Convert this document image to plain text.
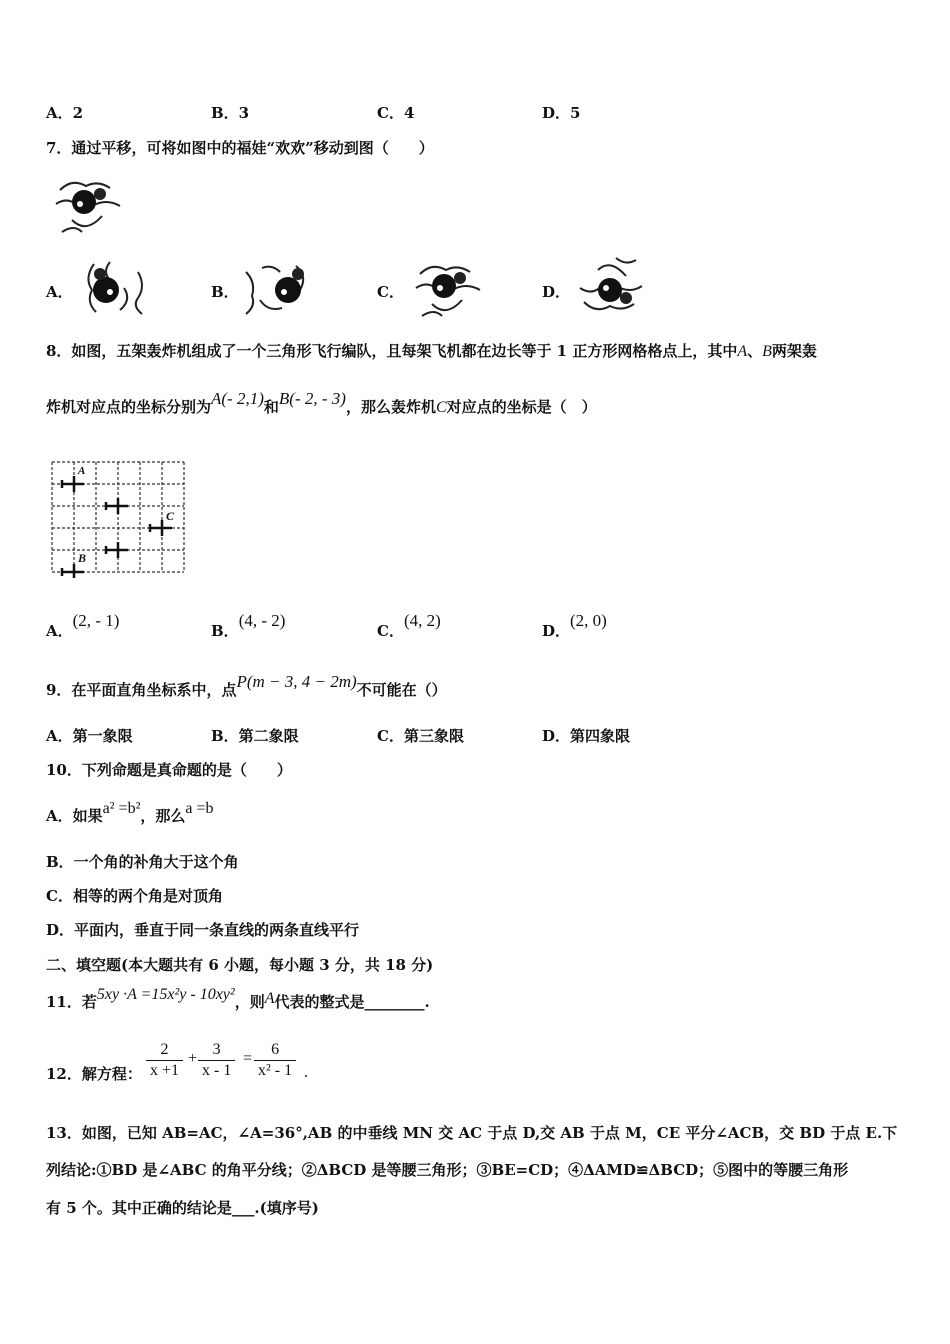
A．2	B．3	C．4	D．5
7．通过平移，可将如图中的福娃“欢欢”移动到图（　　）
A．	B．	C．	D．
8．如图，五架轰炸机组成了一个三角形飞行编队，且每架飞机都在边长等于 1 正方形网格格点上，其中A、B两架轰
炸机对应点的坐标分别为A(- 2,1)和B(- 2, - 3)，那么轰炸机C对应点的坐标是（　）
A
C
B
A．(2, - 1)
B．(4, - 2)
C．(4, 2)
D．(2, 0)
9．在平面直角坐标系中，点P(m − 3, 4 − 2m)不可能在（）
A．第一象限	B．第二象限	C．第三象限	D．第四象限
10．下列命题是真命题的是（　　）
A．如果a² =b²，那么a =b
B．一个角的补角大于这个角
C．相等的两个角是对顶角
D．平面内，垂直于同一条直线的两条直线平行
二、填空题(本大题共有 6 小题，每小题 3 分，共 18 分)
11．若5xy ·A =15x²y - 10xy²，则A代表的整式是________.
12．解方程： $\frac{2}{x +1} + \frac{3}{x - 1} = \frac{6}{\text{x² - 1}}$ .
13．如图，已知 AB=AC，∠A=36°,AB 的中垂线 MN 交 AC 于点 D,交 AB 于点 M，CE 平分∠ACB，交 BD 于点 E.下
列结论:①BD 是∠ABC 的角平分线；②ΔBCD 是等腰三角形；③BE=CD；④ΔAMD≌ΔBCD；⑤图中的等腰三角形
有 5 个。其中正确的结论是___.(填序号)
